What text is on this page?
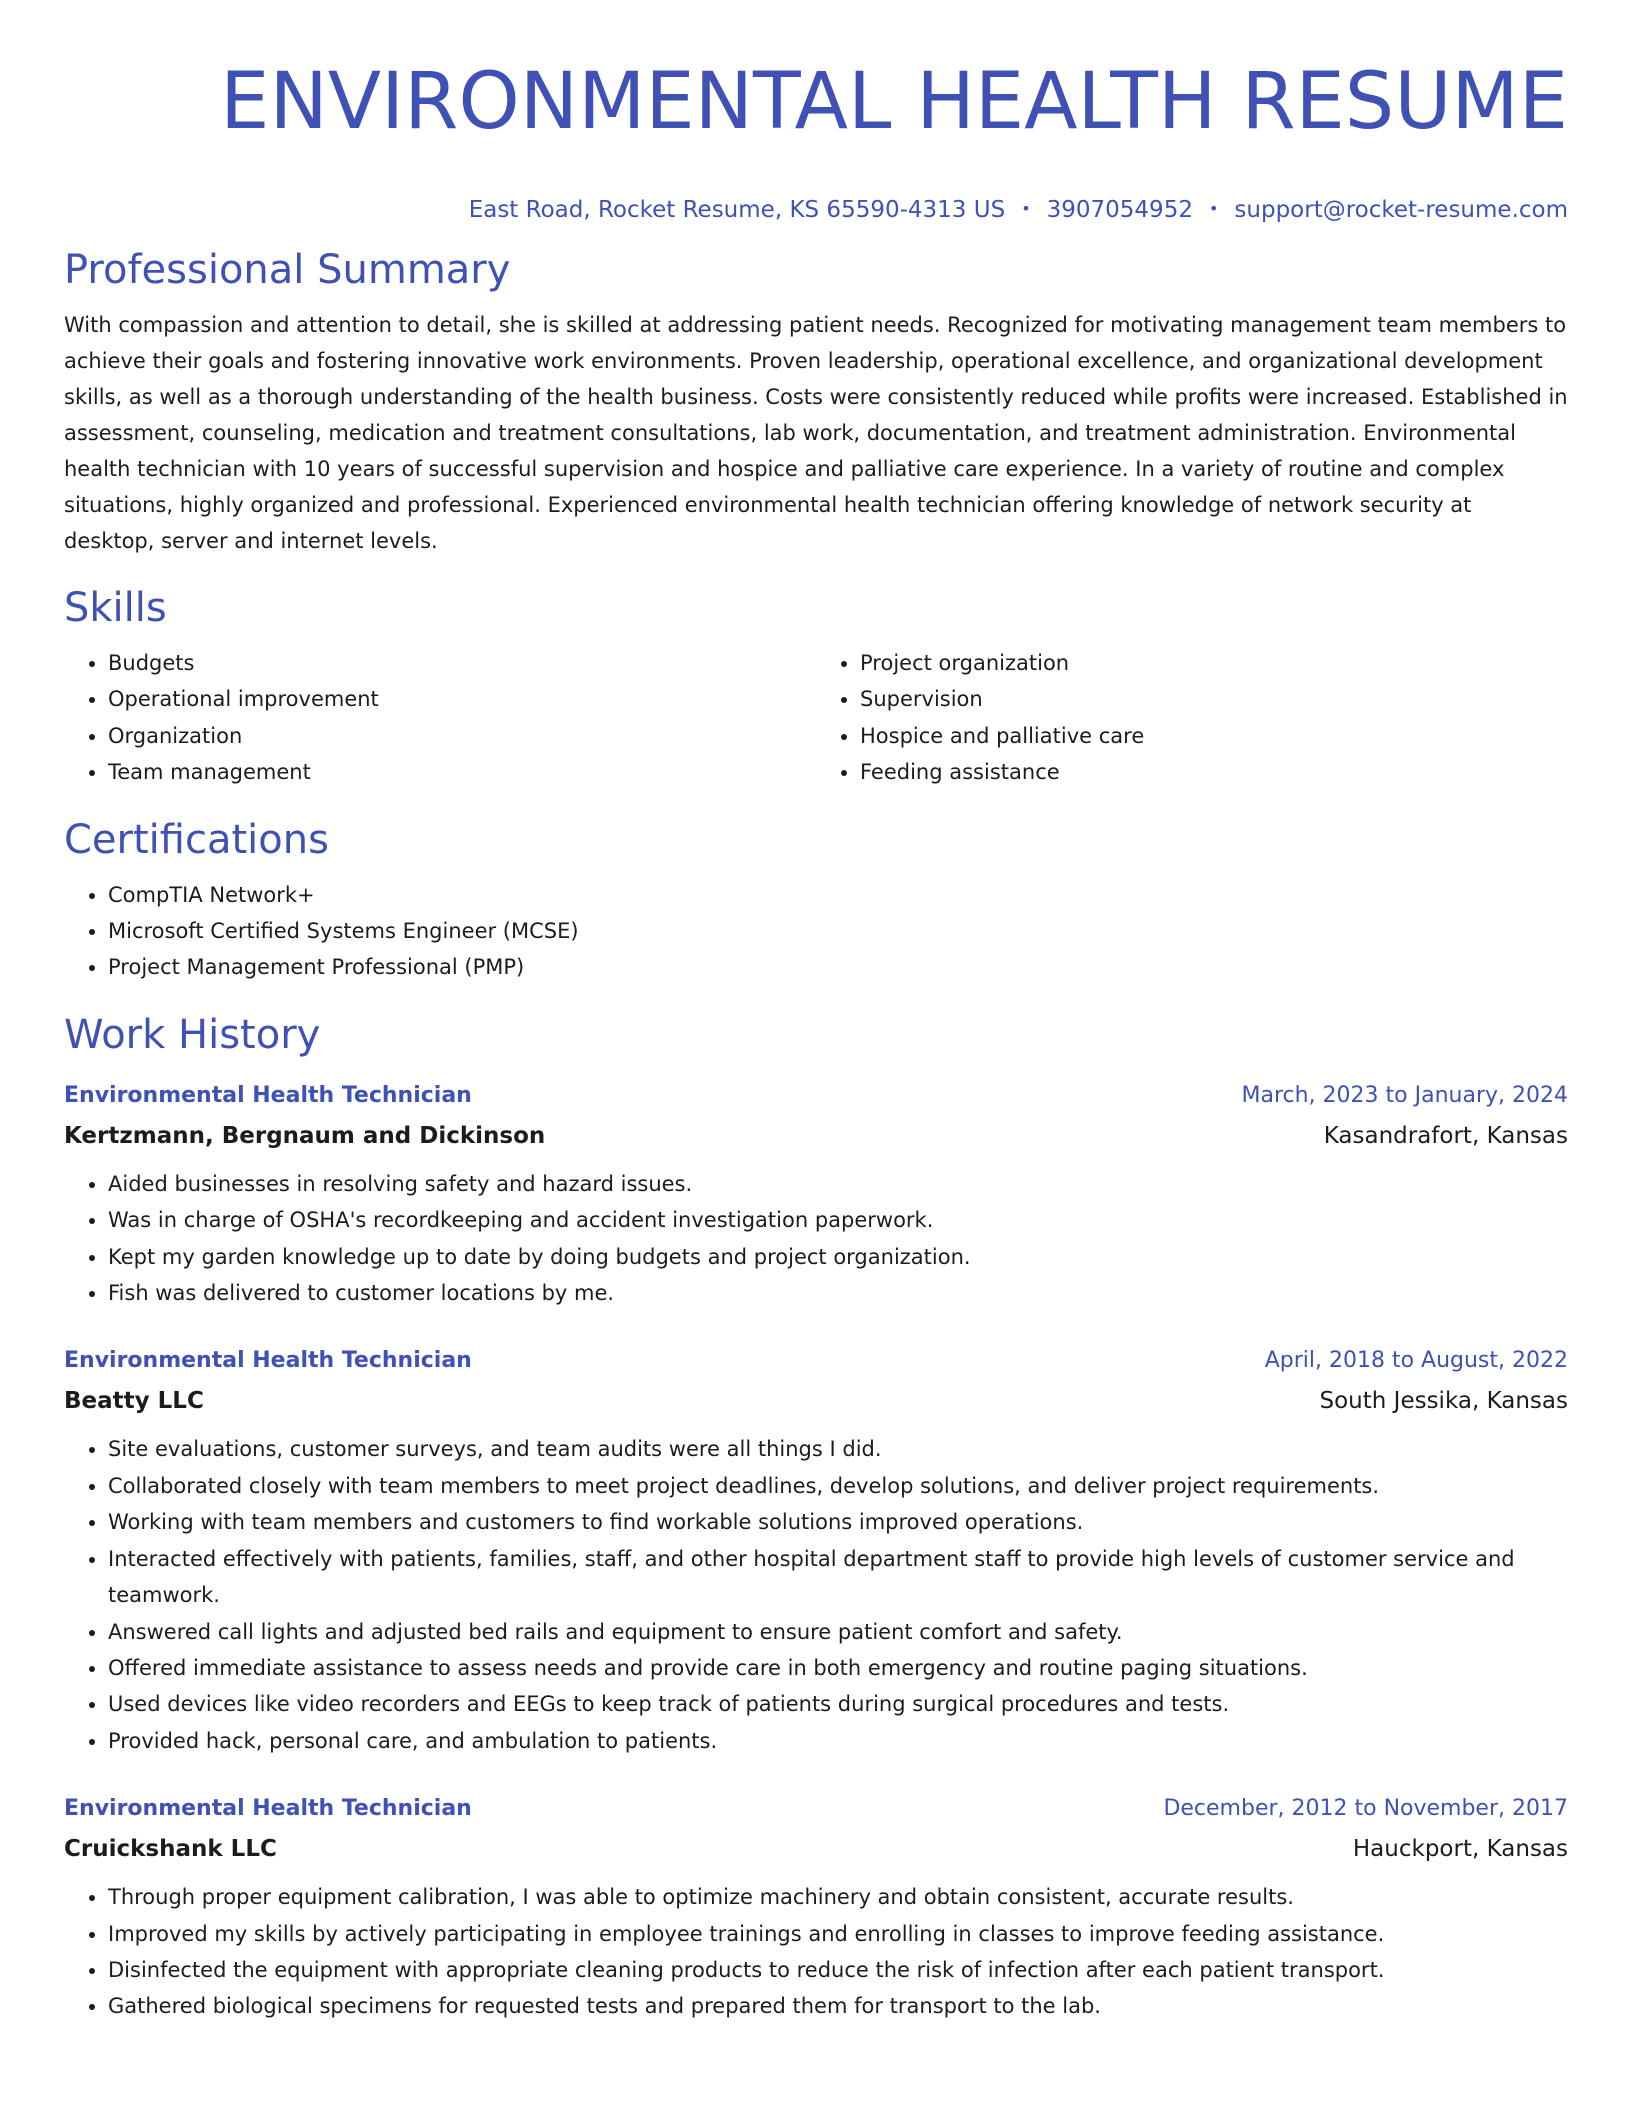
ENVIRONMENTAL HEALTH RESUME
East Road, Rocket Resume, KS 65590-4313 US • 3907054952 • support@rocket-resume.com
Professional Summary
With compassion and attention to detail, she is skilled at addressing patient needs. Recognized for motivating management team members to achieve their goals and fostering innovative work environments. Proven leadership, operational excellence, and organizational development skills, as well as a thorough understanding of the health business. Costs were consistently reduced while profits were increased. Established in assessment, counseling, medication and treatment consultations, lab work, documentation, and treatment administration. Environmental health technician with 10 years of successful supervision and hospice and palliative care experience. In a variety of routine and complex situations, highly organized and professional. Experienced environmental health technician offering knowledge of network security at desktop, server and internet levels.
Skills
• Budgets
• Operational improvement
• Organization
• Team management
• Project organization
• Supervision
• Hospice and palliative care
• Feeding assistance
Certifications
• CompTIA Network+
• Microsoft Certified Systems Engineer (MCSE)
• Project Management Professional (PMP)
Work History
Environmental Health Technician	March, 2023 to January, 2024
Kertzmann, Bergnaum and Dickinson	Kasandrafort, Kansas
• Aided businesses in resolving safety and hazard issues.
• Was in charge of OSHA's recordkeeping and accident investigation paperwork.
• Kept my garden knowledge up to date by doing budgets and project organization.
• Fish was delivered to customer locations by me.
Environmental Health Technician	April, 2018 to August, 2022
Beatty LLC	South Jessika, Kansas
• Site evaluations, customer surveys, and team audits were all things I did.
• Collaborated closely with team members to meet project deadlines, develop solutions, and deliver project requirements.
• Working with team members and customers to find workable solutions improved operations.
• Interacted effectively with patients, families, staff, and other hospital department staff to provide high levels of customer service and teamwork.
• Answered call lights and adjusted bed rails and equipment to ensure patient comfort and safety.
• Offered immediate assistance to assess needs and provide care in both emergency and routine paging situations.
• Used devices like video recorders and EEGs to keep track of patients during surgical procedures and tests.
• Provided hack, personal care, and ambulation to patients.
Environmental Health Technician	December, 2012 to November, 2017
Cruickshank LLC	Hauckport, Kansas
• Through proper equipment calibration, I was able to optimize machinery and obtain consistent, accurate results.
• Improved my skills by actively participating in employee trainings and enrolling in classes to improve feeding assistance.
• Disinfected the equipment with appropriate cleaning products to reduce the risk of infection after each patient transport.
• Gathered biological specimens for requested tests and prepared them for transport to the lab.
